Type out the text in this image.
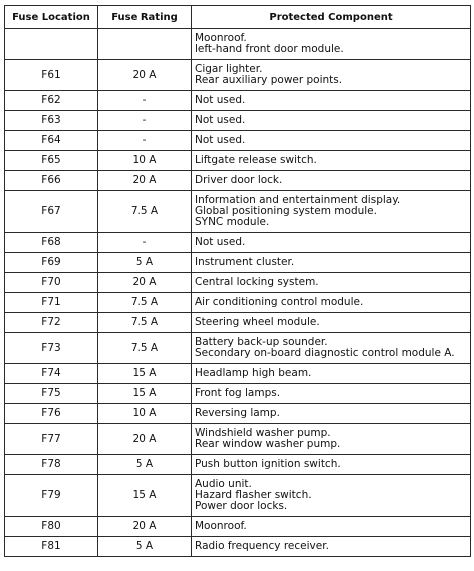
Fuse Location	Fuse Rating	Protected Component

		Moonroof.
left-hand front door module.

F61	20 A	Cigar lighter.
Rear auxiliary power points.

F62	-	Not used.

F63	-	Not used.

F64	-	Not used.

F65	10 A	Liftgate release switch.

F66	20 A	Driver door lock.

F67	7.5 A	Information and entertainment display.
Global positioning system module.
SYNC module.

F68	-	Not used.

F69	5 A	Instrument cluster.

F70	20 A	Central locking system.

F71	7.5 A	Air conditioning control module.

F72	7.5 A	Steering wheel module.

F73	7.5 A	Battery back-up sounder.
Secondary on-board diagnostic control module A.

F74	15 A	Headlamp high beam.

F75	15 A	Front fog lamps.

F76	10 A	Reversing lamp.

F77	20 A	Windshield washer pump.
Rear window washer pump.

F78	5 A	Push button ignition switch.

F79	15 A	Audio unit.
Hazard flasher switch.
Power door locks.

F80	20 A	Moonroof.

F81	5 A	Radio frequency receiver.
